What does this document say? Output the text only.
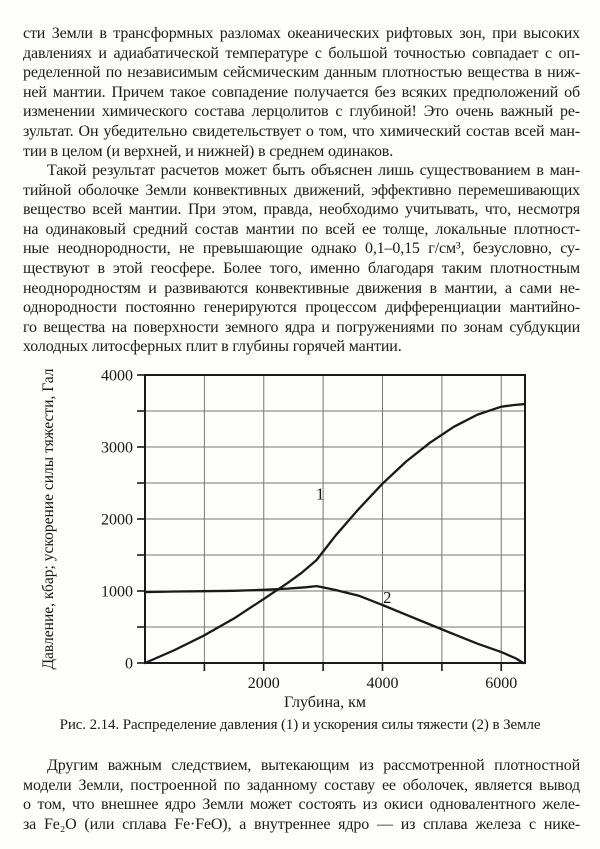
сти Земли в трансформных разломах океанических рифтовых зон, при высоких
давлениях и адиабатической температуре с большой точностью совпадает с оп-
ределенной по независимым сейсмическим данным плотностью вещества в ниж-
ней мантии. Причем такое совпадение получается без всяких предположений об
изменении химического состава лерцолитов с глубиной! Это очень важный ре-
зультат. Он убедительно свидетельствует о том, что химический состав всей ман-
тии в целом (и верхней, и нижней) в среднем одинаков.
Такой результат расчетов может быть объяснен лишь существованием в ман-
тийной оболочке Земли конвективных движений, эффективно перемешивающих
вещество всей мантии. При этом, правда, необходимо учитывать, что, несмотря
на одинаковый средний состав мантии по всей ее толще, локальные плотност-
ные неоднородности, не превышающие однако 0,1–0,15 г/см³, безусловно, су-
ществуют в этой геосфере. Более того, именно благодаря таким плотностным
неоднородностям и развиваются конвективные движения в мантии, а сами не-
однородности постоянно генерируются процессом дифференциации мантийно-
го вещества на поверхности земного ядра и погружениями по зонам субдукции
холодных литосферных плит в глубины горячей мантии.
0
1000
2000
3000
4000
2000	4000	6000
Глубина, км
Давление, кбар; ускорение силы тяжести, Гал	1
2
Рис. 2.14. Распределение давления (1) и ускорения силы тяжести (2) в Земле
Другим важным следствием, вытекающим из рассмотренной плотностной
модели Земли, построенной по заданному составу ее оболочек, является вывод
о том, что внешнее ядро Земли может состоять из окиси одновалентного желе-
за Fe₂O (или сплава Fe·FeO), а внутреннее ядро — из сплава железа с нике-
